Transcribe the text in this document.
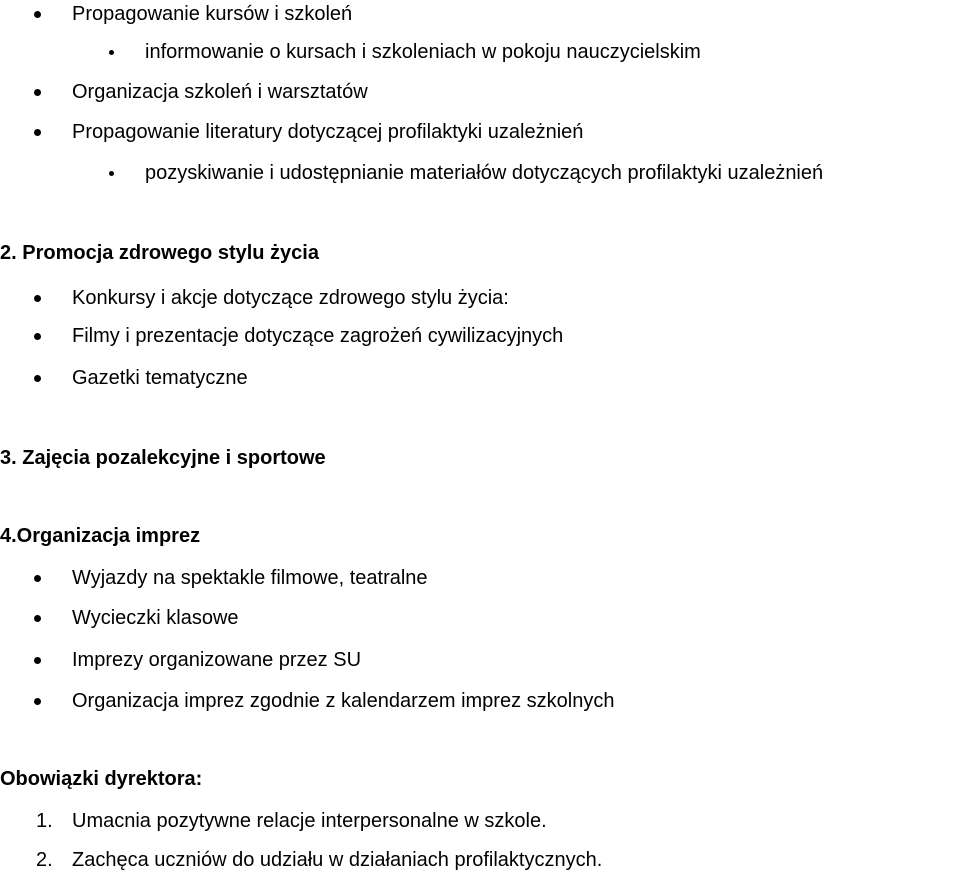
Propagowanie kursów i szkoleń
informowanie o kursach i szkoleniach w pokoju nauczycielskim
Organizacja szkoleń i warsztatów
Propagowanie literatury dotyczącej profilaktyki uzależnień
pozyskiwanie i udostępnianie materiałów dotyczących profilaktyki uzależnień
2. Promocja zdrowego stylu życia
Konkursy i akcje dotyczące zdrowego stylu życia:
Filmy i prezentacje dotyczące zagrożeń cywilizacyjnych
Gazetki tematyczne
3. Zajęcia pozalekcyjne i sportowe
4.Organizacja imprez
Wyjazdy na spektakle filmowe, teatralne
Wycieczki klasowe
Imprezy organizowane przez SU
Organizacja imprez zgodnie z kalendarzem imprez szkolnych
Obowiązki dyrektora:
1. Umacnia pozytywne relacje interpersonalne w szkole.
2. Zachęca uczniów do udziału w działaniach profilaktycznych.
